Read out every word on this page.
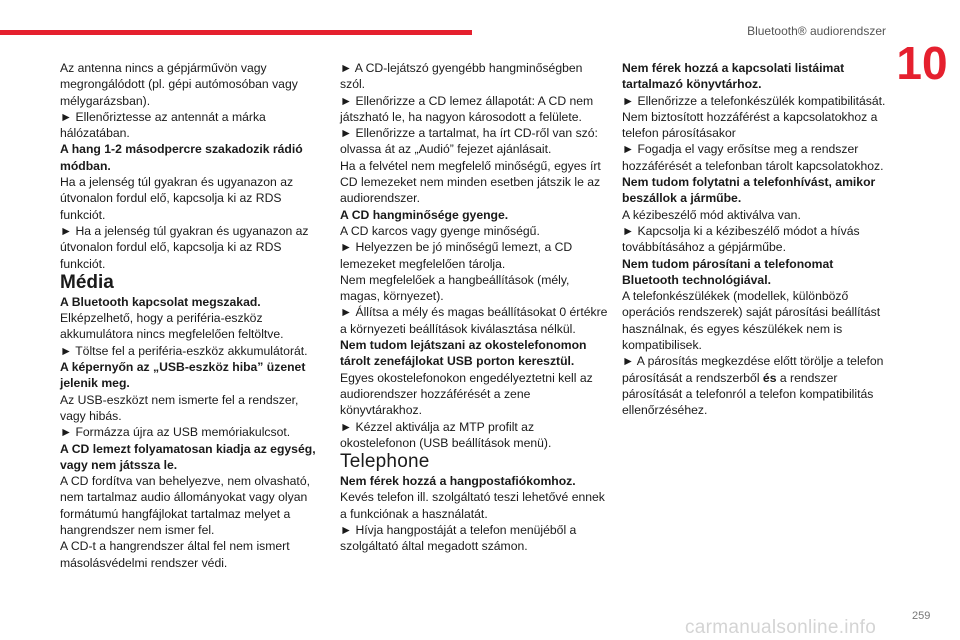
Bluetooth® audiorendszer
10

Az antenna nincs a gépjárművön vagy megrongálódott (pl. gépi autómosóban vagy mélygarázsban).

► Ellenőriztesse az antennát a márka hálózatában.

A hang 1-2 másodpercre szakadozik rádió módban.

Ha a jelenség túl gyakran és ugyanazon az útvonalon fordul elő, kapcsolja ki az RDS funkciót.

► Ha a jelenség túl gyakran és ugyanazon az útvonalon fordul elő, kapcsolja ki az RDS funkciót.

Média

A Bluetooth kapcsolat megszakad.

Elképzelhető, hogy a periféria-eszköz akkumulátora nincs megfelelően feltöltve.

► Töltse fel a periféria-eszköz akkumulátorát.

A képernyőn az „USB-eszköz hiba” üzenet jelenik meg.

Az USB-eszközt nem ismerte fel a rendszer, vagy hibás.

► Formázza újra az USB memóriakulcsot.

A CD lemezt folyamatosan kiadja az egység, vagy nem játssza le.

A CD fordítva van behelyezve, nem olvasható, nem tartalmaz audio állományokat vagy olyan formátumú hangfájlokat tartalmaz melyet a hangrendszer nem ismer fel.

A CD-t a hangrendszer által fel nem ismert másolásvédelmi rendszer védi.

► A CD-lejátszó gyengébb hangminőségben szól.

► Ellenőrizze a CD lemez állapotát: A CD nem játszható le, ha nagyon károsodott a felülete.

► Ellenőrizze a tartalmat, ha írt CD-ről van szó: olvassa át az „Audió” fejezet ajánlásait.

Ha a felvétel nem megfelelő minőségű, egyes írt CD lemezeket nem minden esetben játszik le az audiorendszer.

A CD hangminősége gyenge.

A CD karcos vagy gyenge minőségű.

► Helyezzen be jó minőségű lemezt, a CD lemezeket megfelelően tárolja.

Nem megfelelőek a hangbeállítások (mély, magas, környezet).

► Állítsa a mély és magas beállításokat 0 értékre a környezeti beállítások kiválasztása nélkül.

Nem tudom lejátszani az okostelefonomon tárolt zenefájlokat USB porton keresztül.

Egyes okostelefonokon engedélyeztetni kell az audiorendszer hozzáférését a zene könyvtárakhoz.

► Kézzel aktiválja az MTP profilt az okostelefonon (USB beállítások menü).

Telephone

Nem férek hozzá a hangpostafiókomhoz.

Kevés telefon ill. szolgáltató teszi lehetővé ennek a funkciónak a használatát.

► Hívja hangpostáját a telefon menüjéből a szolgáltató által megadott számon.

Nem férek hozzá a kapcsolati listáimat tartalmazó könyvtárhoz.

► Ellenőrizze a telefonkészülék kompatibilitását.

Nem biztosított hozzáférést a kapcsolatokhoz a telefon párosításakor

► Fogadja el vagy erősítse meg a rendszer hozzáférését a telefonban tárolt kapcsolatokhoz.

Nem tudom folytatni a telefonhívást, amikor beszállok a járműbe.

A kézibeszélő mód aktiválva van.

► Kapcsolja ki a kézibeszélő módot a hívás továbbításához a gépjárműbe.

Nem tudom párosítani a telefonomat Bluetooth technológiával.

A telefonkészülékek (modellek, különböző operációs rendszerek) saját párosítási beállítást használnak, és egyes készülékek nem is kompatibilisek.

► A párosítás megkezdése előtt törölje a telefon párosítását a rendszerből és a rendszer párosítását a telefonról a telefon kompatibilitás ellenőrzéséhez.

259
carmanualsonline.info
